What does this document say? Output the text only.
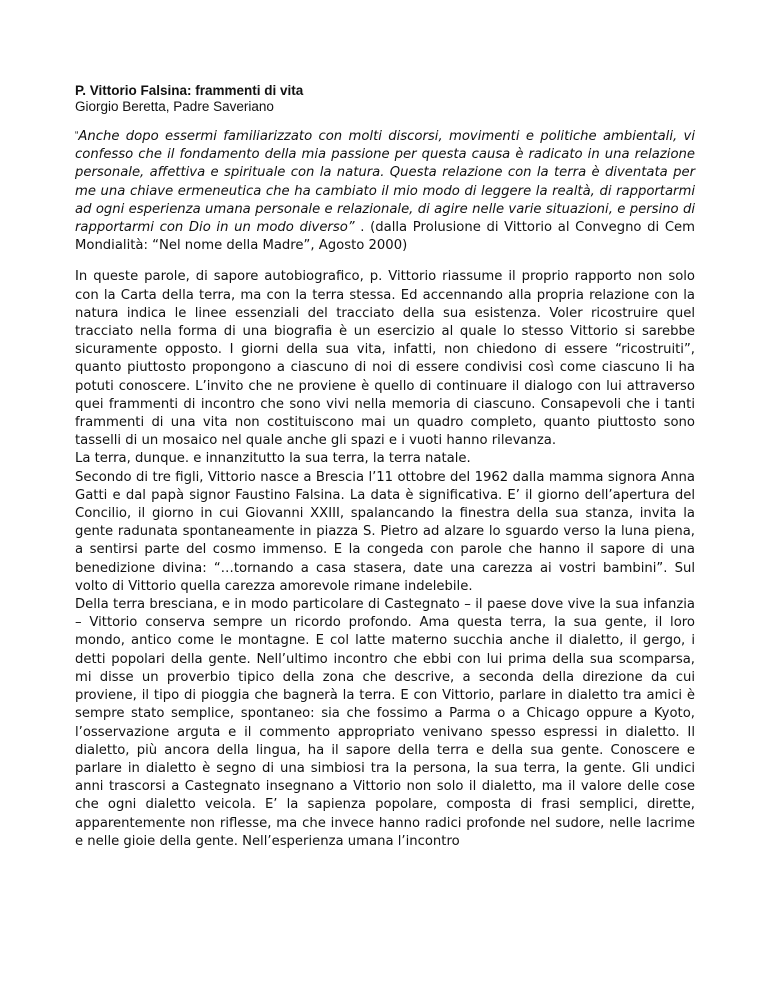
P. Vittorio Falsina: frammenti di vita

Giorgio Beretta, Padre Saveriano

“Anche dopo essermi familiarizzato con molti discorsi, movimenti e politiche ambientali, vi confesso che il fondamento della mia passione per questa causa è radicato in una relazione personale, affettiva e spirituale con la natura. Questa relazione con la terra è diventata per me una chiave ermeneutica che ha cambiato il mio modo di leggere la realtà, di rapportarmi ad ogni esperienza umana personale e relazionale, di agire nelle varie situazioni, e persino di rapportarmi con Dio in un modo diverso” . (dalla Prolusione di Vittorio al Convegno di Cem Mondialità: “Nel nome della Madre”, Agosto 2000)

In queste parole, di sapore autobiografico, p. Vittorio riassume il proprio rapporto non solo con la Carta della terra, ma con la terra stessa. Ed accennando alla propria relazione con la natura indica le linee essenziali del tracciato della sua esistenza. Voler ricostruire quel tracciato nella forma di una biografia è un esercizio al quale lo stesso Vittorio si sarebbe sicuramente opposto. I giorni della sua vita, infatti, non chiedono di essere “ricostruiti”, quanto piuttosto propongono a ciascuno di noi di essere condivisi così come ciascuno li ha potuti conoscere. L’invito che ne proviene è quello di continuare il dialogo con lui attraverso quei frammenti di incontro che sono vivi nella memoria di ciascuno. Consapevoli che i tanti frammenti di una vita non costituiscono mai un quadro completo, quanto piuttosto sono tasselli di un mosaico nel quale anche gli spazi e i vuoti hanno rilevanza.

La terra, dunque. e innanzitutto la sua terra, la terra natale.

Secondo di tre figli, Vittorio nasce a Brescia l’11 ottobre del 1962 dalla mamma signora Anna Gatti e dal papà signor Faustino Falsina. La data è significativa. E’ il giorno dell’apertura del Concilio, il giorno in cui Giovanni XXIII, spalancando la finestra della sua stanza, invita la gente radunata spontaneamente in piazza S. Pietro ad alzare lo sguardo verso la luna piena, a sentirsi parte del cosmo immenso. E la congeda con parole che hanno il sapore di una benedizione divina: “…tornando a casa stasera, date una carezza ai vostri bambini”. Sul volto di Vittorio quella carezza amorevole rimane indelebile.

Della terra bresciana, e in modo particolare di Castegnato – il paese dove vive la sua infanzia – Vittorio conserva sempre un ricordo profondo. Ama questa terra, la sua gente, il loro mondo, antico come le montagne. E col latte materno succhia anche il dialetto, il gergo, i detti popolari della gente. Nell’ultimo incontro che ebbi con lui prima della sua scomparsa, mi disse un proverbio tipico della zona che descrive, a seconda della direzione da cui proviene, il tipo di pioggia che bagnerà la terra. E con Vittorio, parlare in dialetto tra amici è sempre stato semplice, spontaneo: sia che fossimo a Parma o a Chicago oppure a Kyoto, l’osservazione arguta e il commento appropriato venivano spesso espressi in dialetto. Il dialetto, più ancora della lingua, ha il sapore della terra e della sua gente. Conoscere e parlare in dialetto è segno di una simbiosi tra la persona, la sua terra, la gente. Gli undici anni trascorsi a Castegnato insegnano a Vittorio non solo il dialetto, ma il valore delle cose che ogni dialetto veicola. E’ la sapienza popolare, composta di frasi semplici, dirette, apparentemente non riflesse, ma che invece hanno radici profonde nel sudore, nelle lacrime e nelle gioie della gente. Nell’esperienza umana l’incontro
